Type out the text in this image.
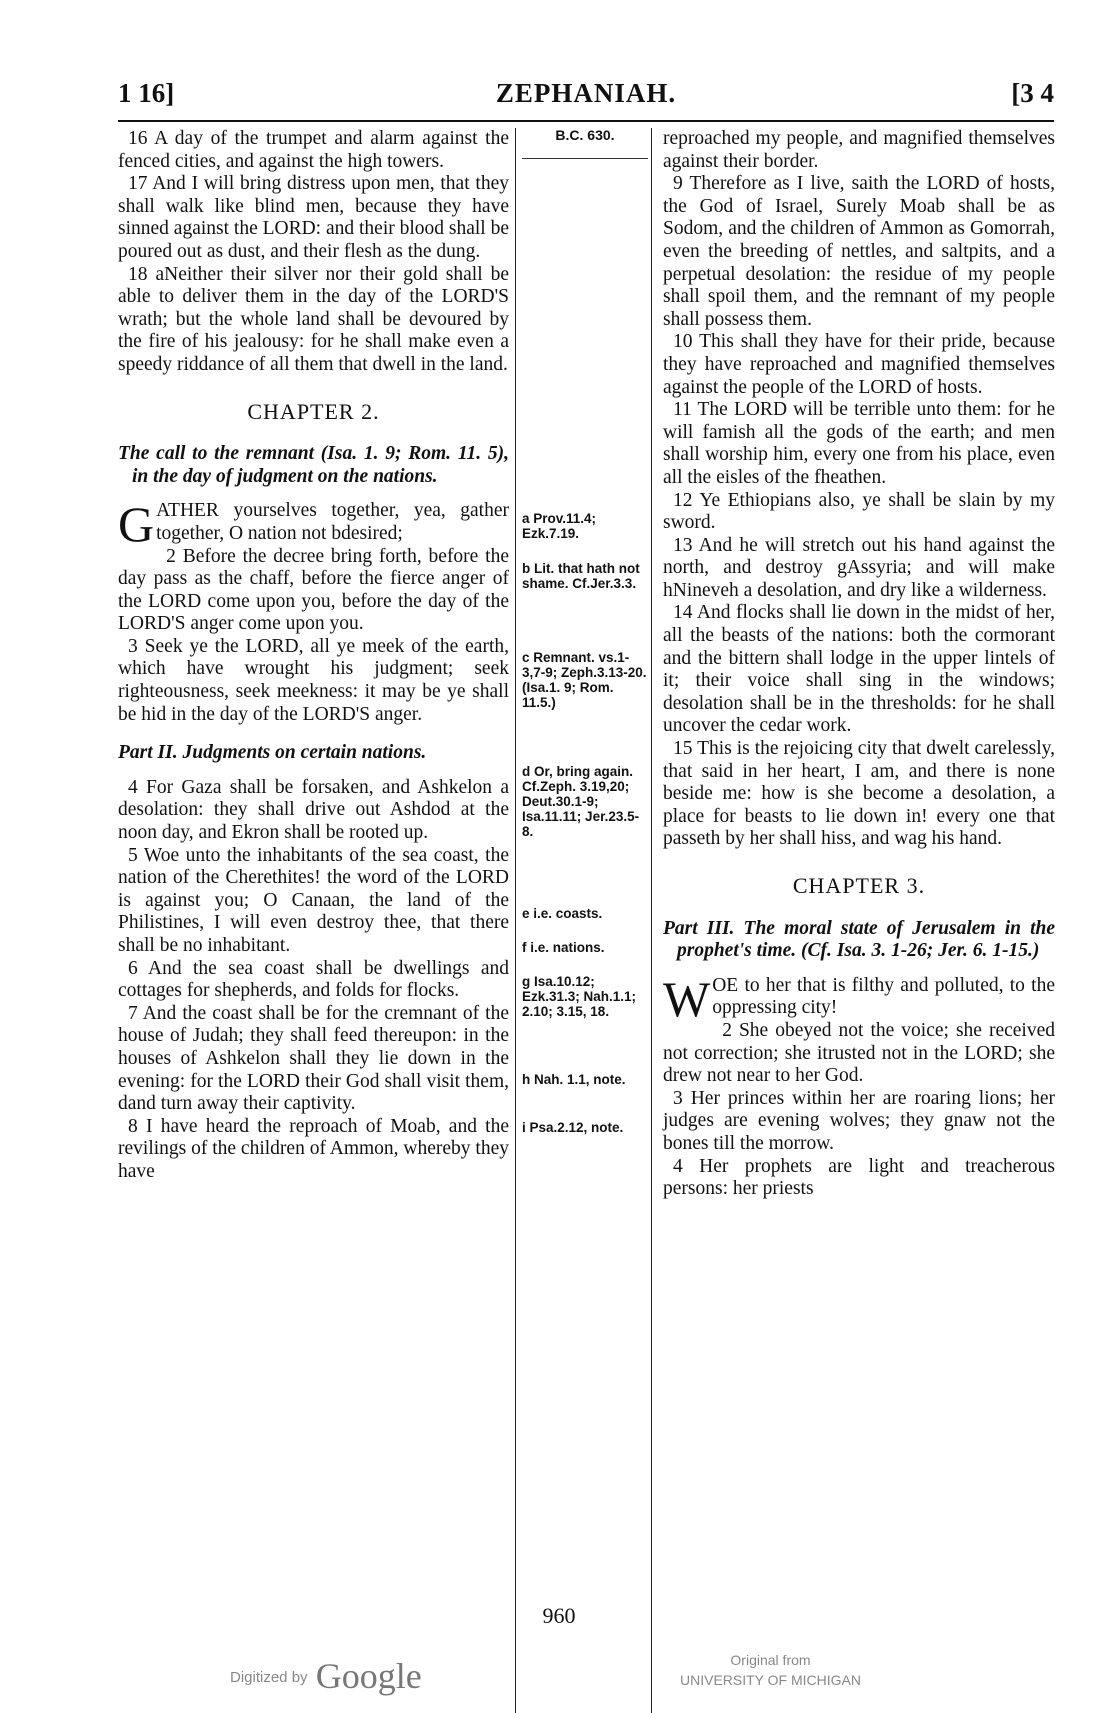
1 16]	ZEPHANIAH.	[3 4

16 A day of the trumpet and alarm against the fenced cities, and against the high towers.

17 And I will bring distress upon men, that they shall walk like blind men, because they have sinned against the LORD: and their blood shall be poured out as dust, and their flesh as the dung.

18 aNeither their silver nor their gold shall be able to deliver them in the day of the LORD'S wrath; but the whole land shall be devoured by the fire of his jealousy: for he shall make even a speedy riddance of all them that dwell in the land.

CHAPTER 2.

The call to the remnant (Isa. 1. 9; Rom. 11. 5), in the day of judgment on the nations.

G ATHER yourselves together, yea, gather together, O nation not bdesired;

2 Before the decree bring forth, before the day pass as the chaff, before the fierce anger of the LORD come upon you, before the day of the LORD'S anger come upon you.

3 Seek ye the LORD, all ye meek of the earth, which have wrought his judgment; seek righteousness, seek meekness: it may be ye shall be hid in the day of the LORD'S anger.

Part II. Judgments on certain nations.

4 For Gaza shall be forsaken, and Ashkelon a desolation: they shall drive out Ashdod at the noon day, and Ekron shall be rooted up.

5 Woe unto the inhabitants of the sea coast, the nation of the Cherethites! the word of the LORD is against you; O Canaan, the land of the Philistines, I will even destroy thee, that there shall be no inhabitant.

6 And the sea coast shall be dwellings and cottages for shepherds, and folds for flocks.

7 And the coast shall be for the cremnant of the house of Judah; they shall feed thereupon: in the houses of Ashkelon shall they lie down in the evening: for the LORD their God shall visit them, dand turn away their captivity.

8 I have heard the reproach of Moab, and the revilings of the children of Ammon, whereby they have

B.C. 630.
a Prov.11.4; Ezk.7.19.
b Lit. that hath not shame. Cf.Jer.3.3.
c Remnant. vs.1-3,7-9; Zeph.3.13-20. (Isa.1. 9; Rom. 11.5.)
d Or, bring again. Cf.Zeph. 3.19,20; Deut.30.1-9; Isa.11.11; Jer.23.5-8.
e i.e. coasts.
f i.e. nations.
g Isa.10.12; Ezk.31.3; Nah.1.1; 2.10; 3.15, 18.
h Nah. 1.1, note.
i Psa.2.12, note.

reproached my people, and magnified themselves against their border.

9 Therefore as I live, saith the LORD of hosts, the God of Israel, Surely Moab shall be as Sodom, and the children of Ammon as Gomorrah, even the breeding of nettles, and saltpits, and a perpetual desolation: the residue of my people shall spoil them, and the remnant of my people shall possess them.

10 This shall they have for their pride, because they have reproached and magnified themselves against the people of the LORD of hosts.

11 The LORD will be terrible unto them: for he will famish all the gods of the earth; and men shall worship him, every one from his place, even all the eisles of the fheathen.

12 Ye Ethiopians also, ye shall be slain by my sword.

13 And he will stretch out his hand against the north, and destroy gAssyria; and will make hNineveh a desolation, and dry like a wilderness.

14 And flocks shall lie down in the midst of her, all the beasts of the nations: both the cormorant and the bittern shall lodge in the upper lintels of it; their voice shall sing in the windows; desolation shall be in the thresholds: for he shall uncover the cedar work.

15 This is the rejoicing city that dwelt carelessly, that said in her heart, I am, and there is none beside me: how is she become a desolation, a place for beasts to lie down in! every one that passeth by her shall hiss, and wag his hand.

CHAPTER 3.

Part III. The moral state of Jerusalem in the prophet's time. (Cf. Isa. 3. 1-26; Jer. 6. 1-15.)

W OE to her that is filthy and polluted, to the oppressing city!

2 She obeyed not the voice; she received not correction; she itrusted not in the LORD; she drew not near to her God.

3 Her princes within her are roaring lions; her judges are evening wolves; they gnaw not the bones till the morrow.

4 Her prophets are light and treacherous persons: her priests

960
Digitized by Google	Original from
UNIVERSITY OF MICHIGAN
